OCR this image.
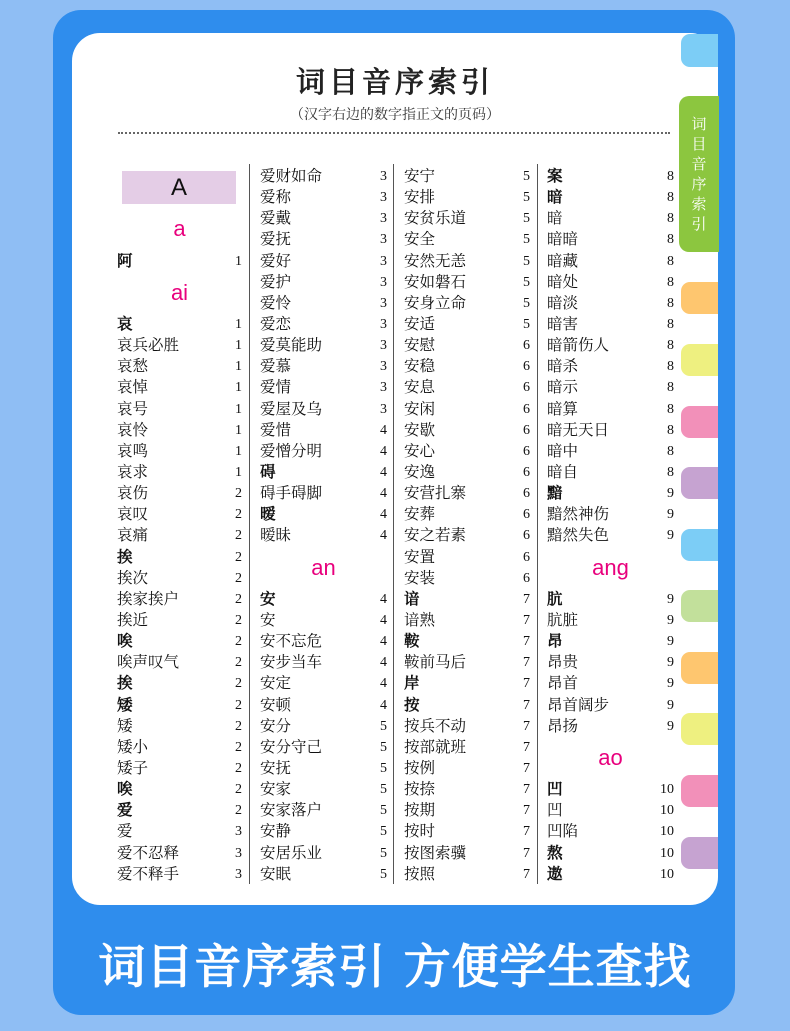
词目音序索引
（汉字右边的数字指正文的页码）
A
a
阿	1
ai
哀	1
哀兵必胜	1
哀愁	1
哀悼	1
哀号	1
哀怜	1
哀鸣	1
哀求	1
哀伤	2
哀叹	2
哀痛	2
挨	2
挨次	2
挨家挨户	2
挨近	2
唉	2
唉声叹气	2
挨	2
矮	2
矮	2
矮小	2
矮子	2
唉	2
爱	2
爱	3
爱不忍释	3
爱不释手	3
爱财如命	3
爱称	3
爱戴	3
爱抚	3
爱好	3
爱护	3
爱怜	3
爱恋	3
爱莫能助	3
爱慕	3
爱情	3
爱屋及乌	3
爱惜	4
爱憎分明	4
碍	4
碍手碍脚	4
暧	4
暧昧	4
an
安	4
安	4
安不忘危	4
安步当车	4
安定	4
安顿	4
安分	5
安分守己	5
安抚	5
安家	5
安家落户	5
安静	5
安居乐业	5
安眠	5
安宁	5
安排	5
安贫乐道	5
安全	5
安然无恙	5
安如磐石	5
安身立命	5
安适	5
安慰	6
安稳	6
安息	6
安闲	6
安歇	6
安心	6
安逸	6
安营扎寨	6
安葬	6
安之若素	6
安置	6
安装	6
谙	7
谙熟	7
鞍	7
鞍前马后	7
岸	7
按	7
按兵不动	7
按部就班	7
按例	7
按捺	7
按期	7
按时	7
按图索骥	7
按照	7
案	8
暗	8
暗	8
暗暗	8
暗藏	8
暗处	8
暗淡	8
暗害	8
暗箭伤人	8
暗杀	8
暗示	8
暗算	8
暗无天日	8
暗中	8
暗自	8
黯	9
黯然神伤	9
黯然失色	9
ang
肮	9
肮脏	9
昂	9
昂贵	9
昂首	9
昂首阔步	9
昂扬	9
ao
凹	10
凹	10
凹陷	10
熬	10
遨	10
词
目
音
序
索
引
词目音序索引 方便学生查找
